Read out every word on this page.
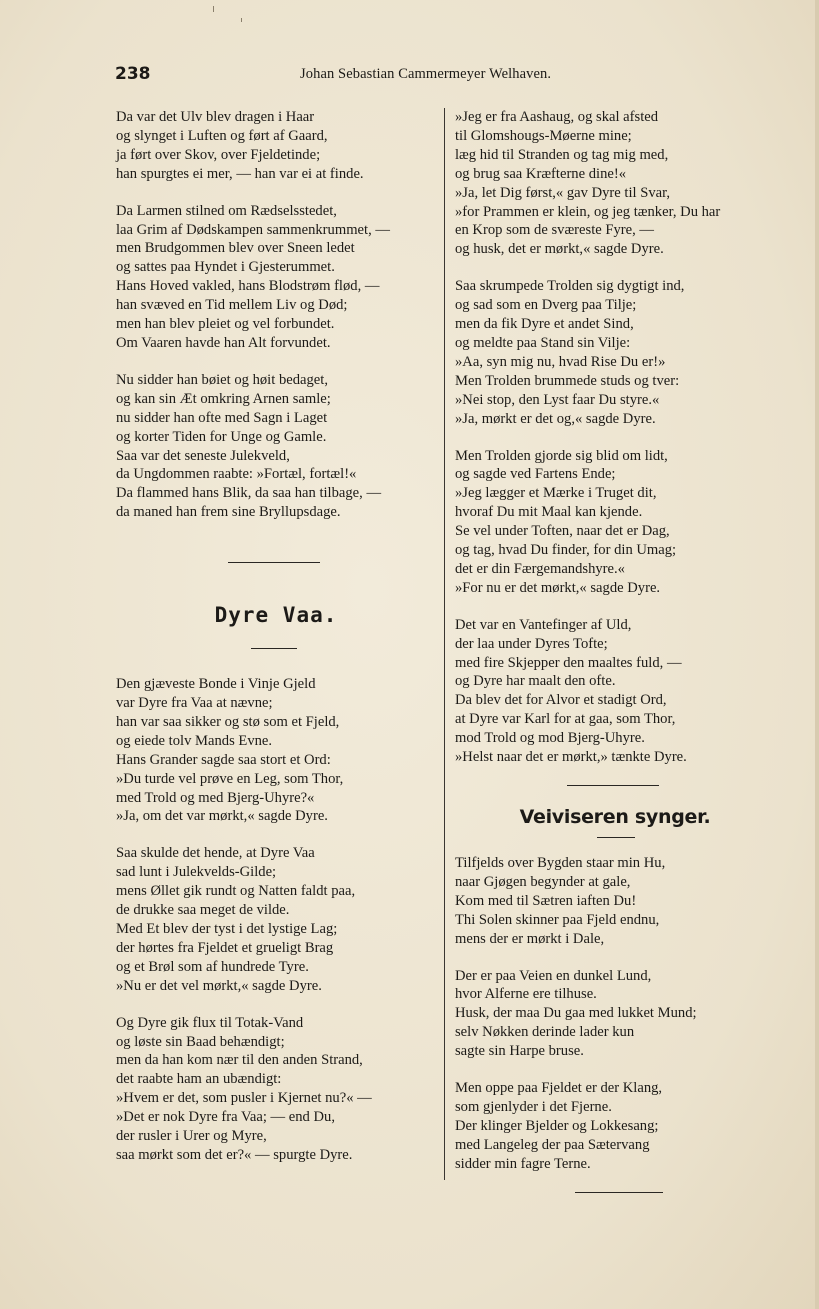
238	Johan Sebastian Cammermeyer Welhaven.
Da var det Ulv blev dragen i Haar
og slynget i Luften og ført af Gaard,
ja ført over Skov, over Fjeldetinde;
han spurgtes ei mer, — han var ei at finde.
Da Larmen stilned om Rædselsstedet,
laa Grim af Dødskampen sammenkrummet, —
men Brudgommen blev over Sneen ledet
og sattes paa Hyndet i Gjesterummet.
Hans Hoved vakled, hans Blodstrøm flød, —
han svæved en Tid mellem Liv og Død;
men han blev pleiet og vel forbundet.
Om Vaaren havde han Alt forvundet.
Nu sidder han bøiet og høit bedaget,
og kan sin Æt omkring Arnen samle;
nu sidder han ofte med Sagn i Laget
og korter Tiden for Unge og Gamle.
Saa var det seneste Julekveld,
da Ungdommen raabte: »Fortæl, fortæl!«
Da flammed hans Blik, da saa han tilbage, —
da maned han frem sine Bryllupsdage.
Dyre Vaa.
Den gjæveste Bonde i Vinje Gjeld
var Dyre fra Vaa at nævne;
han var saa sikker og stø som et Fjeld,
og eiede tolv Mands Evne.
Hans Grander sagde saa stort et Ord:
»Du turde vel prøve en Leg, som Thor,
med Trold og med Bjerg-Uhyre?«
»Ja, om det var mørkt,« sagde Dyre.
Saa skulde det hende, at Dyre Vaa
sad lunt i Julekvelds-Gilde;
mens Øllet gik rundt og Natten faldt paa,
de drukke saa meget de vilde.
Med Et blev der tyst i det lystige Lag;
der hørtes fra Fjeldet et grueligt Brag
og et Brøl som af hundrede Tyre.
»Nu er det vel mørkt,« sagde Dyre.
Og Dyre gik flux til Totak-Vand
og løste sin Baad behændigt;
men da han kom nær til den anden Strand,
det raabte ham an ubændigt:
»Hvem er det, som pusler i Kjernet nu?« —
»Det er nok Dyre fra Vaa; — end Du,
der rusler i Urer og Myre,
saa mørkt som det er?« — spurgte Dyre.
»Jeg er fra Aashaug, og skal afsted
til Glomshougs-Møerne mine;
læg hid til Stranden og tag mig med,
og brug saa Kræfterne dine!«
»Ja, let Dig først,« gav Dyre til Svar,
»for Prammen er klein, og jeg tænker, Du har
en Krop som de sværeste Fyre, —
og husk, det er mørkt,« sagde Dyre.
Saa skrumpede Trolden sig dygtigt ind,
og sad som en Dverg paa Tilje;
men da fik Dyre et andet Sind,
og meldte paa Stand sin Vilje:
»Aa, syn mig nu, hvad Rise Du er!»
Men Trolden brummede studs og tver:
»Nei stop, den Lyst faar Du styre.«
»Ja, mørkt er det og,« sagde Dyre.
Men Trolden gjorde sig blid om lidt,
og sagde ved Fartens Ende;
»Jeg lægger et Mærke i Truget dit,
hvoraf Du mit Maal kan kjende.
Se vel under Toften, naar det er Dag,
og tag, hvad Du finder, for din Umag;
det er din Færgemandshyre.«
»For nu er det mørkt,« sagde Dyre.
Det var en Vantefinger af Uld,
der laa under Dyres Tofte;
med fire Skjepper den maaltes fuld, —
og Dyre har maalt den ofte.
Da blev det for Alvor et stadigt Ord,
at Dyre var Karl for at gaa, som Thor,
mod Trold og mod Bjerg-Uhyre.
»Helst naar det er mørkt,» tænkte Dyre.
Veiviseren synger.
Tilfjelds over Bygden staar min Hu,
naar Gjøgen begynder at gale,
Kom med til Sætren iaften Du!
Thi Solen skinner paa Fjeld endnu,
mens der er mørkt i Dale,
Der er paa Veien en dunkel Lund,
hvor Alferne ere tilhuse.
Husk, der maa Du gaa med lukket Mund;
selv Nøkken derinde lader kun
sagte sin Harpe bruse.
Men oppe paa Fjeldet er der Klang,
som gjenlyder i det Fjerne.
Der klinger Bjelder og Lokkesang;
med Langeleg der paa Sætervang
sidder min fagre Terne.
